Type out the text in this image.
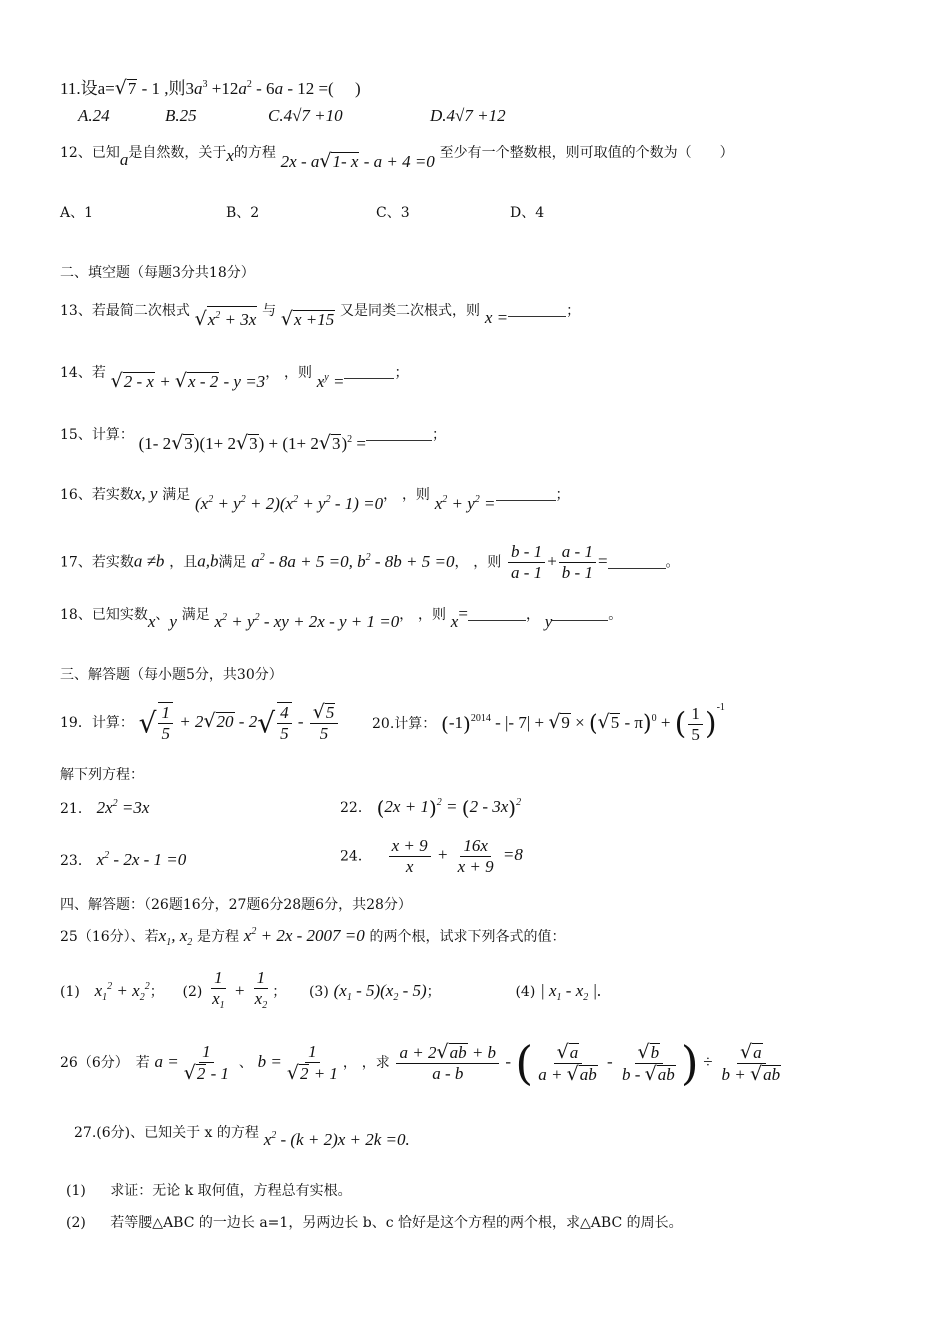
11.设a=√7 - 1 ,则$3a^3 +12a^2 - 6a - 12$ =(　 )
A.24	B.25	C.4√7 +10	D.4√7 +12
12、已知a是自然数，关于x的方程 2x - a√1- x - a + 4 =0 至少有一个整数根，则可取值的个数为（　　）
A、1	B、2	C、3	D、4
二、填空题（每题3分共18分）
13、若最简二次根式 $√x^2 + 3x$ 与 √x +15 又是同类二次根式，则 x =	；
14、若 √2 - x + √x - 2 - y =3， ，则 $x^y$ =	；
15、计算： (1- $2√3)(1+ 2√3) + (1+ 2√3)^2$ =	；
16、若实数x, y 满足 $(x^2 + y^2 + 2)(x^2 + y^2 - 1) =0$， ，则 $x^2 + y^2$ =	；
17、若实数a ≠b ，且a,b满足 $a^2 - 8a + 5 =0$, $b^2 - 8b + 5 =0$， ，则 $\frac{b - 1}{a - 1} + \frac{a - 1}{b - 1}$ =	。
18、已知实数x、y 满足 $x^2 + y^2$ - xy + 2x - y + 1 =0， ，则 x=	， y	。
三、解答题（每小题5分，共30分）
19．计算： √ $\frac{1}{5} + 2√20 - 2√ \frac{4}{5} - \frac{√5}{5} 20$.计算： $(-1)^{2014}$ - |- 7| + √9 × (√5 - π)$^0$ + ( $\frac{1}{5} )^{-1}$
解下列方程：
21． $2x^2 =3x$	22． $(2x + 1)^2 = (2 - 3x)^2$
23． $x^2 - 2x - 1 =0$	24． $\frac{x + 9}{x} + \frac{16x}{x + 9} =8$
四、解答题：（26题16分，27题6分28题6分，共28分）
25（16分）、若$x_1$, $x_2$ 是方程 $x^2 + 2x - 2007 =0$ 的两个根，试求下列各式的值：
(1) $x_1^2 + x_2^2$； $(2) \frac{1}{x_1} + \frac{1}{x_2}$ ； (3) $(x_1 - 5)(x_2 - 5)$；	(4) | $x_1 - x_2$ |.
26（6分）　若 $a = \frac{1}{√2 - 1}$ 、 $b = \frac{1}{√2 + 1}$ ， ，求 $\frac{a + 2√ab + b}{a - b}$ - ( $\frac{√a}{a + √ab} - \frac{√b}{b - √ab}$ ) ÷ $\frac{√a}{b + √ab}$
27.(6分)、已知关于 x 的方程 $x^2 - (k + 2)x + 2k =0$.
(1) 求证：无论 k 取何值，方程总有实根。
(2) 若等腰△ABC 的一边长 a=1，另两边长 b、c 恰好是这个方程的两个根，求△ABC 的周长。
